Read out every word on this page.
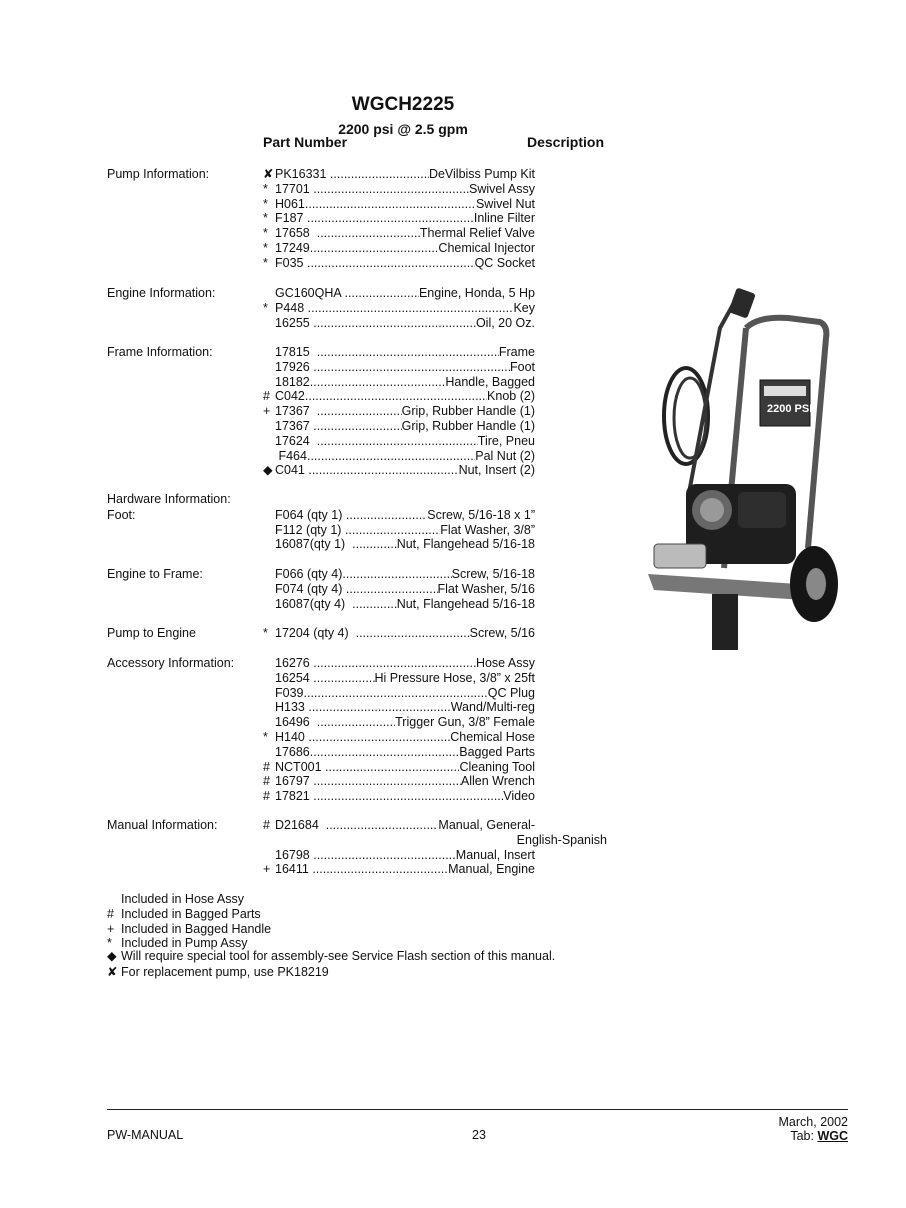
WGCH2225
2200 psi @ 2.5 gpm
Part Number	Description
Pump Information:	✘ PK16331 .....	DeVilbiss Pump Kit
* 17701 .....	Swivel Assy
* H061 .....	Swivel Nut
* F187 .....	Inline Filter
* 17658 .....	Thermal Relief Valve
* 17249 .....	Chemical Injector
* F035 .....	QC Socket
Engine Information:	GC160QHA .....	Engine, Honda, 5 Hp
* P448 .....	Key
16255 .....	Oil, 20 Oz.
Frame Information:	17815 .....	Frame
17926 .....	Foot
18182 .....	Handle, Bagged
# C042 .....	Knob (2)
+ 17367 .....	Grip, Rubber Handle (1)
17367 .....	Grip, Rubber Handle (1)
17624 .....	Tire, Pneu
F464 .....	Pal Nut (2)
◆ C041 .....	Nut, Insert (2)
Hardware Information:
Foot:	F064 (qty 1) .....	Screw, 5/16-18 x 1”
F112 (qty 1) .....	Flat Washer, 3/8”
16087(qty 1) .....	Nut, Flangehead 5/16-18
Engine to Frame:	F066 (qty 4) .....	Screw, 5/16-18
F074 (qty 4) .....	Flat Washer, 5/16
16087(qty 4) .....	Nut, Flangehead 5/16-18
Pump to Engine	* 17204 (qty 4) .....	Screw, 5/16
Accessory Information:	16276 .....	Hose Assy
16254 .....	Hi Pressure Hose, 3/8” x 25ft
F039 .....	QC Plug
H133 .....	Wand/Multi-reg
16496 .....	Trigger Gun, 3/8” Female
* H140 .....	Chemical Hose
17686 .....	Bagged Parts
# NCT001 .....	Cleaning Tool
# 16797 .....	Allen Wrench
# 17821 .....	Video
Manual Information:	# D21684 .....	Manual, General-
English-Spanish
16798 .....	Manual, Insert
+ 16411 .....	Manual, Engine
Included in Hose Assy
# Included in Bagged Parts
+ Included in Bagged Handle
* Included in Pump Assy
◆ Will require special tool for assembly-see Service Flash section of this manual.
✘ For replacement pump, use PK18219
2200 PSI
PW-MANUAL	23
March, 2002
Tab: WGC
